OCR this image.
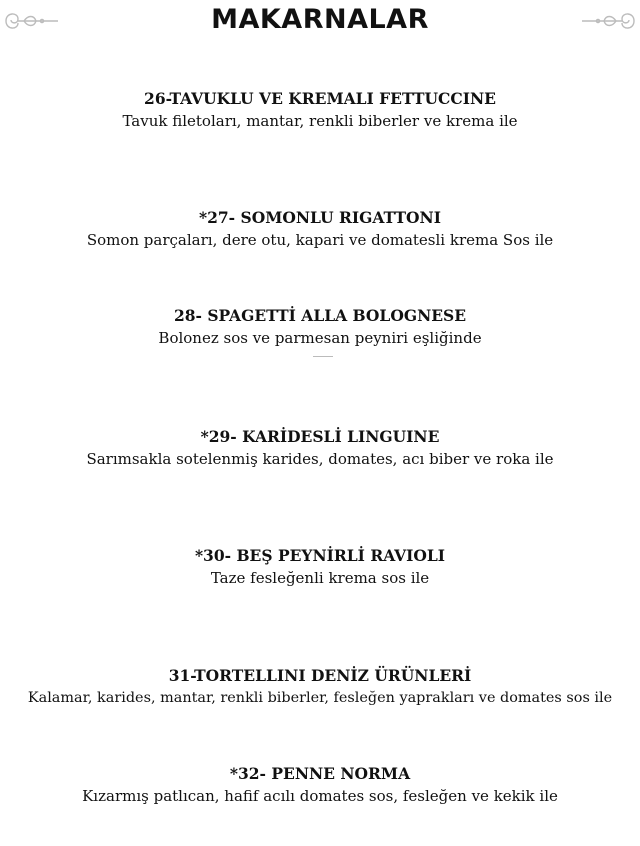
MAKARNALAR
26-TAVUKLU VE KREMALI FETTUCCINE
Tavuk filetoları, mantar, renkli biberler ve krema ile
*27- SOMONLU RIGATTONI
Somon parçaları, dere otu, kapari ve domatesli krema Sos ile
28- SPAGETTİ ALLA BOLOGNESE
Bolonez sos ve parmesan peyniri eşliğinde
*29- KARİDESLİ LINGUINE
Sarımsakla sotelenmiş karides, domates, acı biber ve roka ile
*30- BEŞ PEYNİRLİ RAVIOLI
Taze fesleğenli krema sos ile
31-TORTELLINI DENİZ ÜRÜNLERİ
Kalamar, karides, mantar, renkli biberler, fesleğen yaprakları ve domates sos ile
*32- PENNE NORMA
Kızarmış patlıcan, hafif acılı domates sos, fesleğen ve kekik ile
